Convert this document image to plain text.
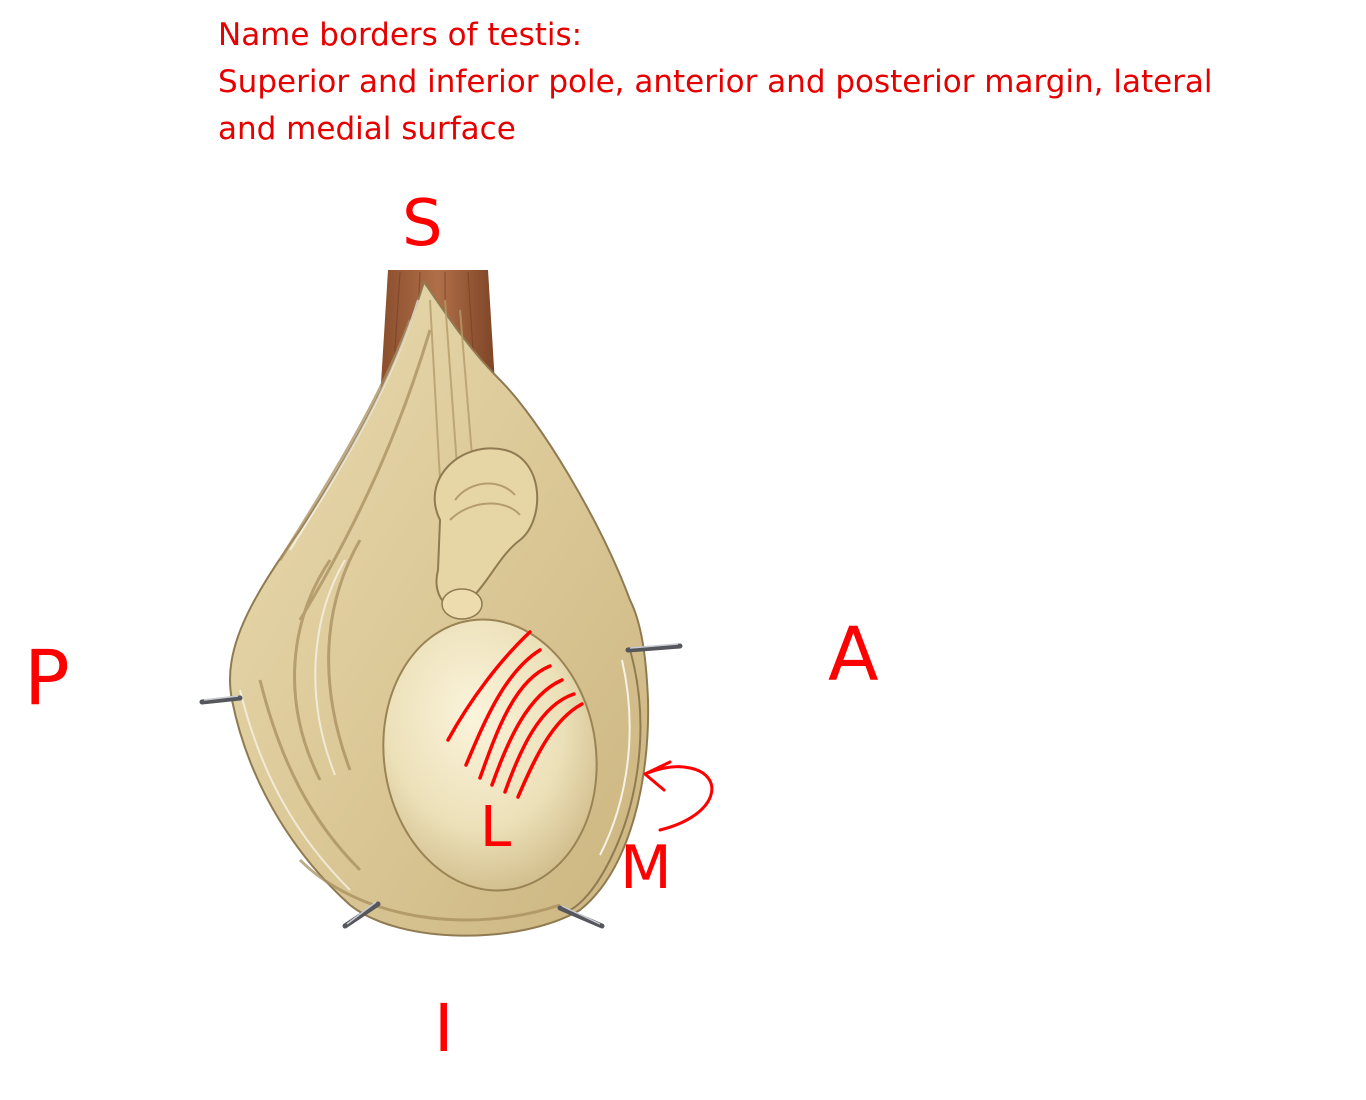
Name borders of testis:
Superior and inferior pole, anterior and posterior margin, lateral
and medial surface
S
P	A
I
M
L
